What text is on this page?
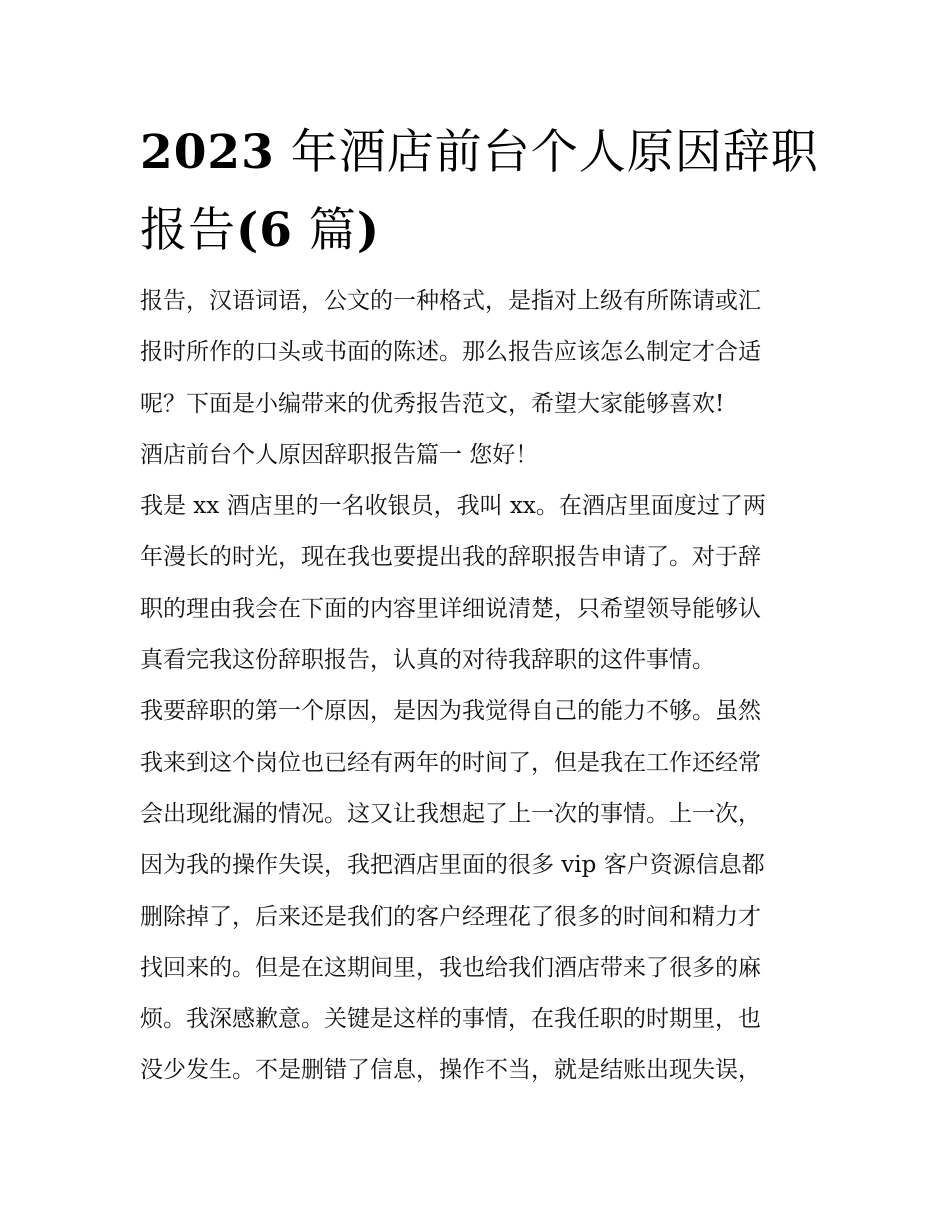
2023 年酒店前台个人原因辞职
报告(6 篇)
报告，汉语词语，公文的一种格式，是指对上级有所陈请或汇
报时所作的口头或书面的陈述。那么报告应该怎么制定才合适
呢？下面是小编带来的优秀报告范文，希望大家能够喜欢!
酒店前台个人原因辞职报告篇一 您好！
我是 xx 酒店里的一名收银员，我叫 xx。在酒店里面度过了两
年漫长的时光，现在我也要提出我的辞职报告申请了。对于辞
职的理由我会在下面的内容里详细说清楚，只希望领导能够认
真看完我这份辞职报告，认真的对待我辞职的这件事情。
我要辞职的第一个原因，是因为我觉得自己的能力不够。虽然
我来到这个岗位也已经有两年的时间了，但是我在工作还经常
会出现纰漏的情况。这又让我想起了上一次的事情。上一次，
因为我的操作失误，我把酒店里面的很多 vip 客户资源信息都
删除掉了，后来还是我们的客户经理花了很多的时间和精力才
找回来的。但是在这期间里，我也给我们酒店带来了很多的麻
烦。我深感歉意。关键是这样的事情，在我任职的时期里，也
没少发生。不是删错了信息，操作不当，就是结账出现失误，
